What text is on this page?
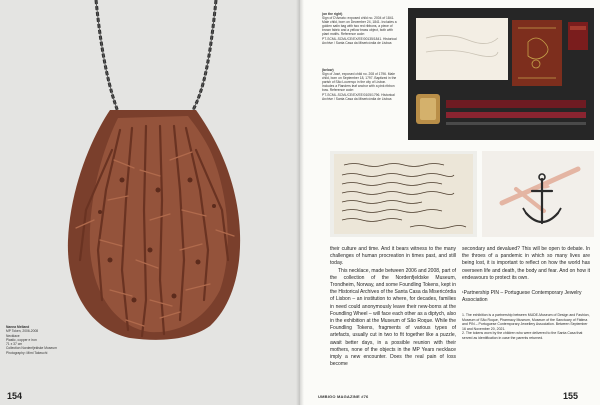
Nanna Melland
MP Token, 2006-2008
Necklace
Plastic, copper e iron
71 x 37 cm
Collection Nordenfjeldske Museum
Photography: Mimi Takeuchi
154
(on the right)
Sign of D'Amato: exposed child no. 2004 of 1841. Male child, born on December 24, 1841. Includes a golden satin bag with two red ribbons, a piece of brown fabric and a yellow brass object, both with plant motifs. Reference code: PT‑SCML‑SCML/CE/EX/EE/00135/1841. Historical Archive / Santa Casa da Misericórdia de Lisboa
(below)
Sign of José, exposed child no. 208 of 1796. Male child, born on September 18, 1797. Baptized in the parish of São Lourenço in the city of Lisbon. Includes a Flanders leaf anchor with a pink ribbon bow. Reference code: PT‑SCML‑SCML/CE/EX/EE/0105/1796. Historical Archive / Santa Casa da Misericórdia de Lisboa

their culture and time. And it bears witness to the many challenges of human procreation in times past, and still today.

This necklace, made between 2006 and 2008, part of the collection of the Nordenfjeldske Museum, Trondheim, Norway, and some Foundling Tokens, kept in the Historical Archives of the Santa Casa da Misericórdia of Lisbon – an institution to where, for decades, families in need could anonymously leave their new-borns at the Foundling Wheel – will face each other as a diptych, also in the exhibition at the Museum of São Roque. While the Foundling Tokens, fragments of various types of artefacts, usually cut in two to fit together like a puzzle, await better days, in a possible reunion with their mothers, none of the objects in the MP Years necklace imply a new encounter. Does the real pain of loss become

secondary and devalued? This will be open to debate. In the throes of a pandemic in which so many lives are being lost, it is important to reflect on how the world has overseen life and death, the body and fear. And on how it endeavours to protect its own.

¹Partnership PIN – Portuguese Contemporary Jewelry Association

1. The exhibition is a partnership between MUDE‑Museum of Design and Fashion, Museum of São Roque, Pharmacy Museum, Museum of the Sanctuary of Fátima and PIN – Portuguese Contemporary Jewellery Association. Between September 16 and November 20, 2021.

2. The tokens worn by the children who were delivered to the Santa Casa that served as identification in case the parents returned.

UMBIGO MAGAZINE #76	155
